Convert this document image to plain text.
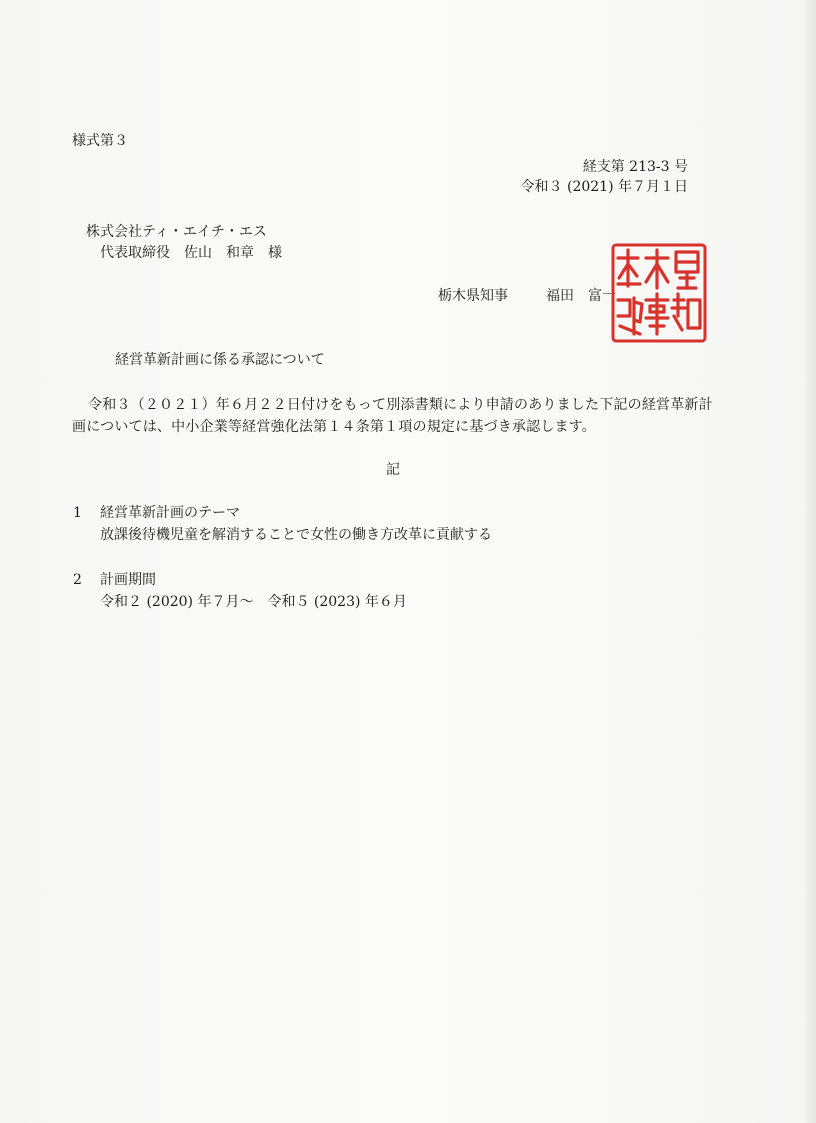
様式第３
経支第 213-3 号
令和３ (2021) 年７月１日
株式会社ティ・エイチ・エス
代表取締役　佐山　和章　様
栃木県知事	福田　富一
経営革新計画に係る承認について
令和３（２０２１）年６月２２日付けをもって別添書類により申請のありました下記の経営革新計
画については、中小企業等経営強化法第１４条第１項の規定に基づき承認します。
記
1 経営革新計画のテーマ
放課後待機児童を解消することで女性の働き方改革に貢献する
2 計画期間
令和２ (2020) 年７月～　令和５ (2023) 年６月
